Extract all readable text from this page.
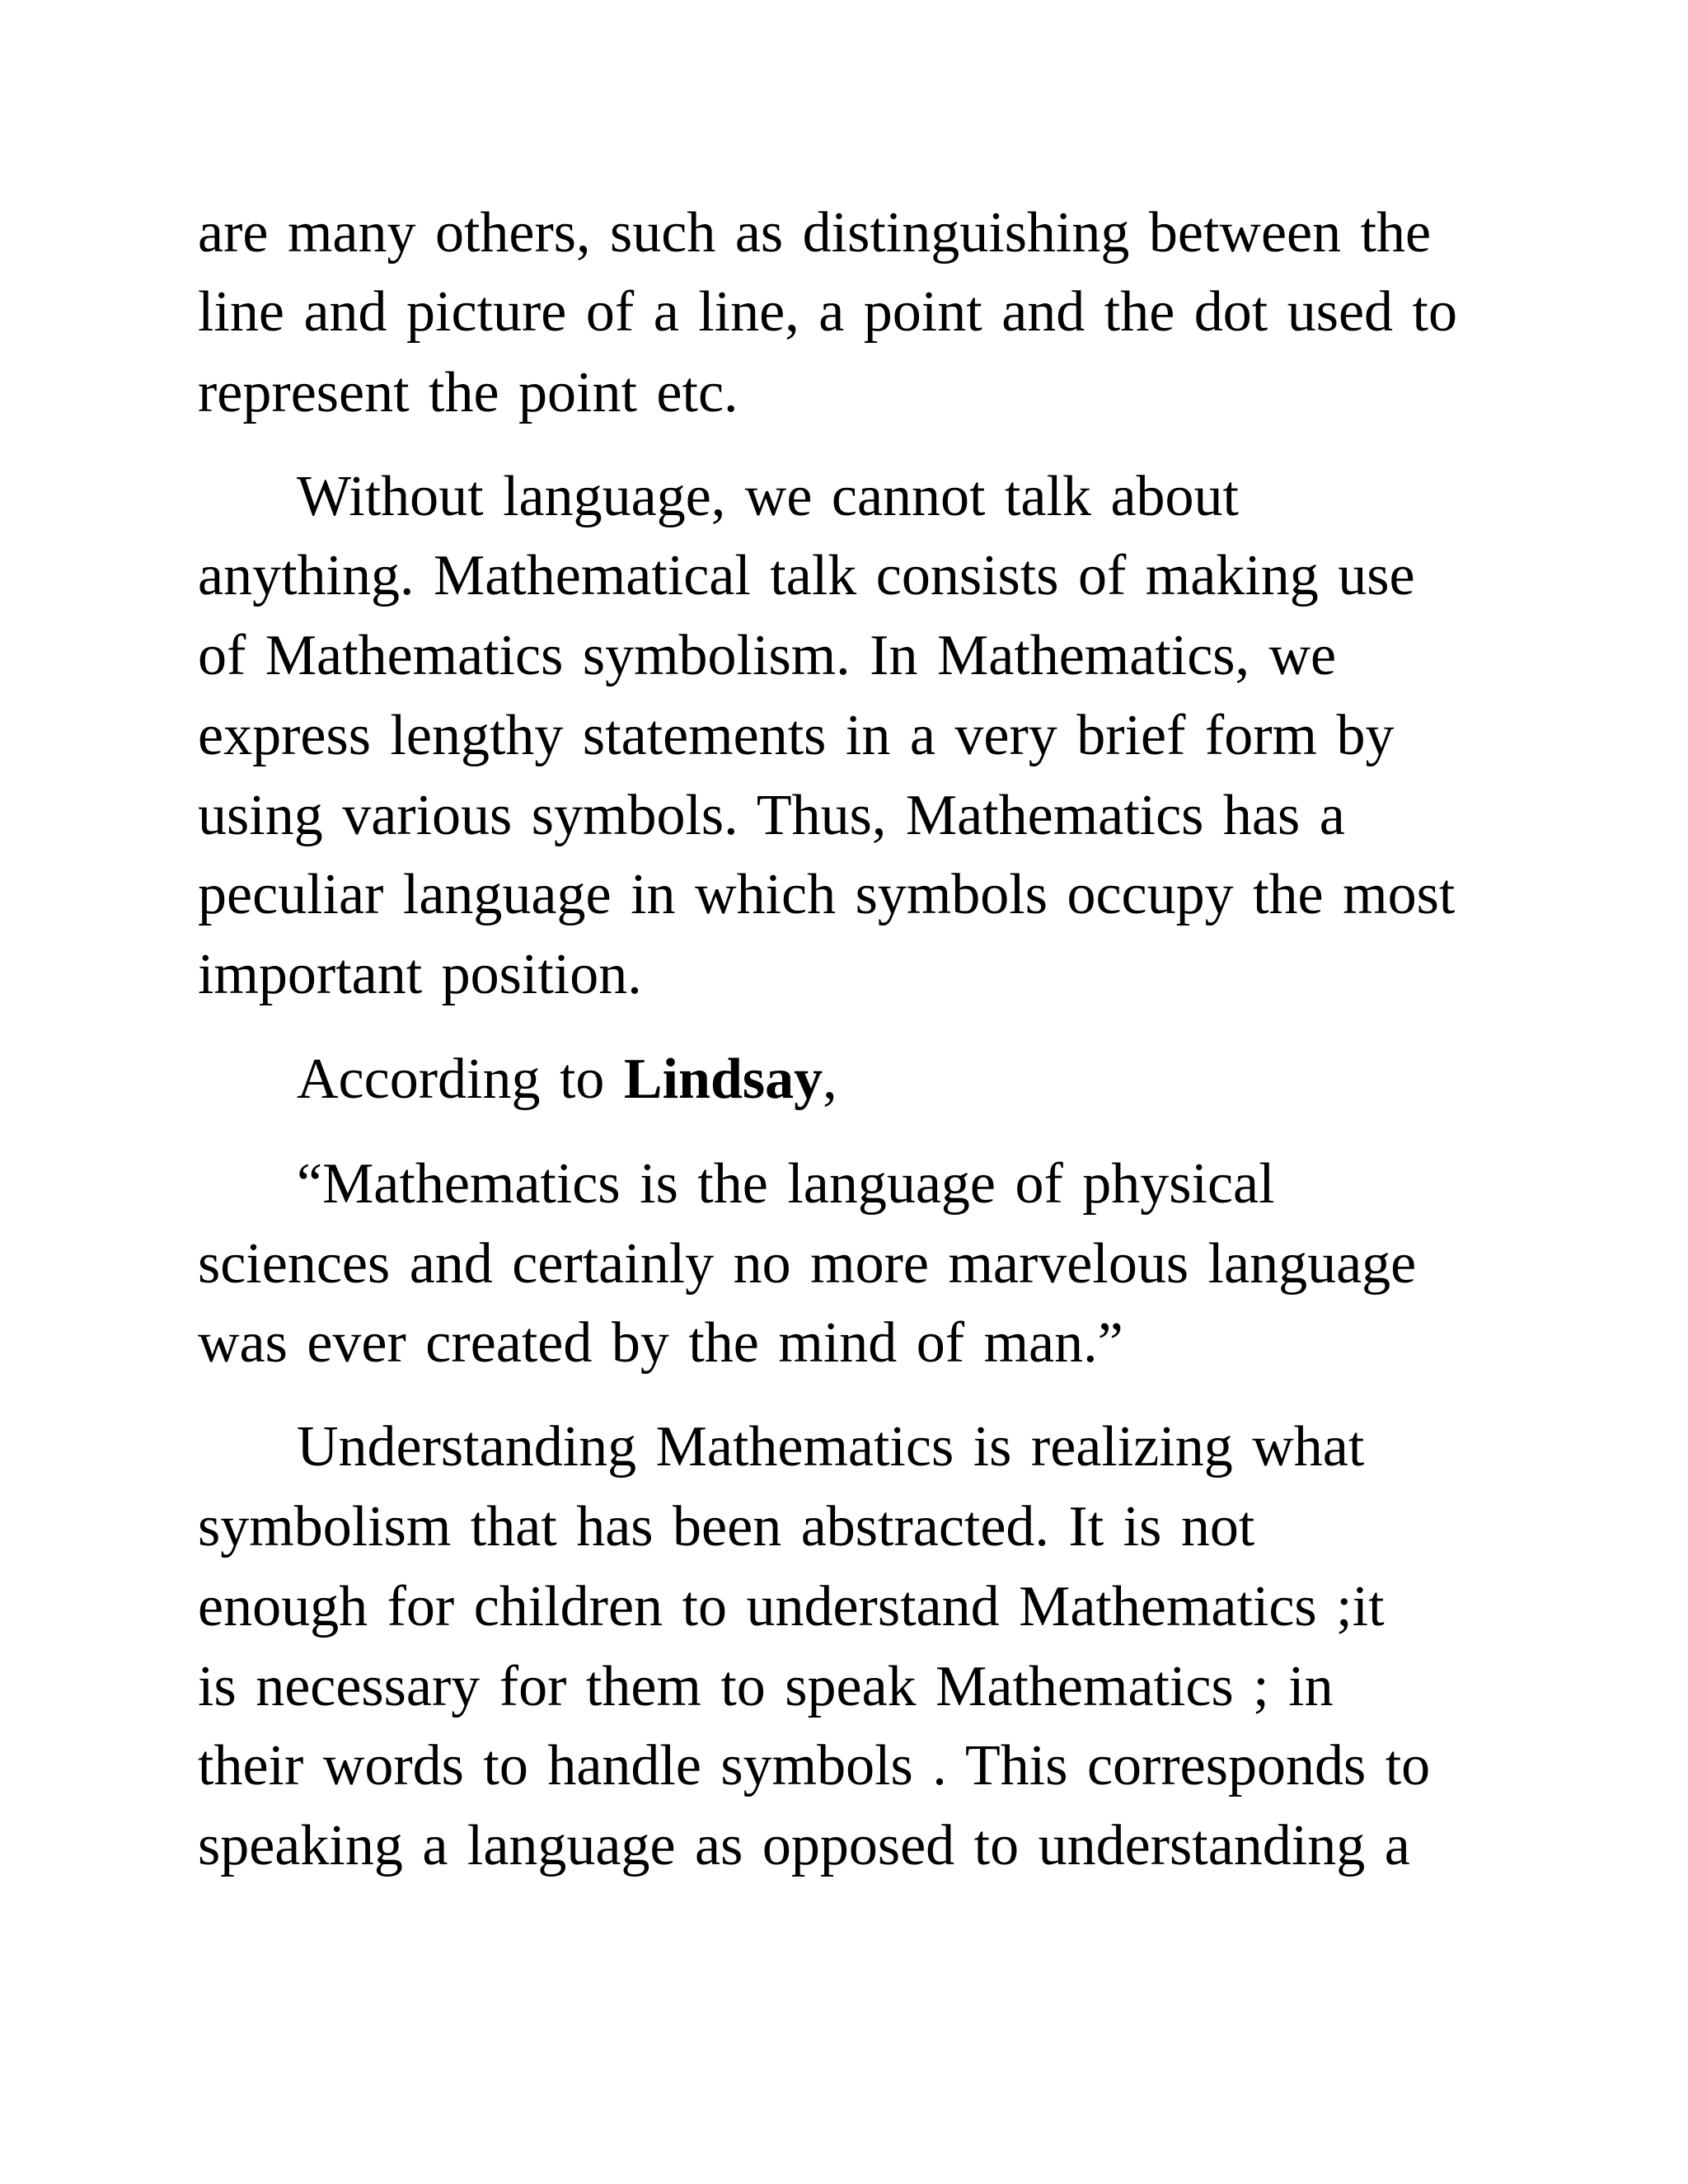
are many others, such as distinguishing between the

line and picture of a line, a point and the dot used to

represent the point etc.

Without language, we cannot talk about

anything. Mathematical talk consists of making use

of Mathematics symbolism. In Mathematics, we

express lengthy statements in a very brief form by

using various symbols. Thus, Mathematics has a

peculiar language in which symbols occupy the most

important position.

According to Lindsay,

“Mathematics is the language of physical

sciences and certainly no more marvelous language

was ever created by the mind of man.”

Understanding Mathematics is realizing what

symbolism that has been abstracted. It is not

enough for children to understand Mathematics ;it

is necessary for them to speak Mathematics ; in

their words to handle symbols . This corresponds to

speaking a language as opposed to understanding a
